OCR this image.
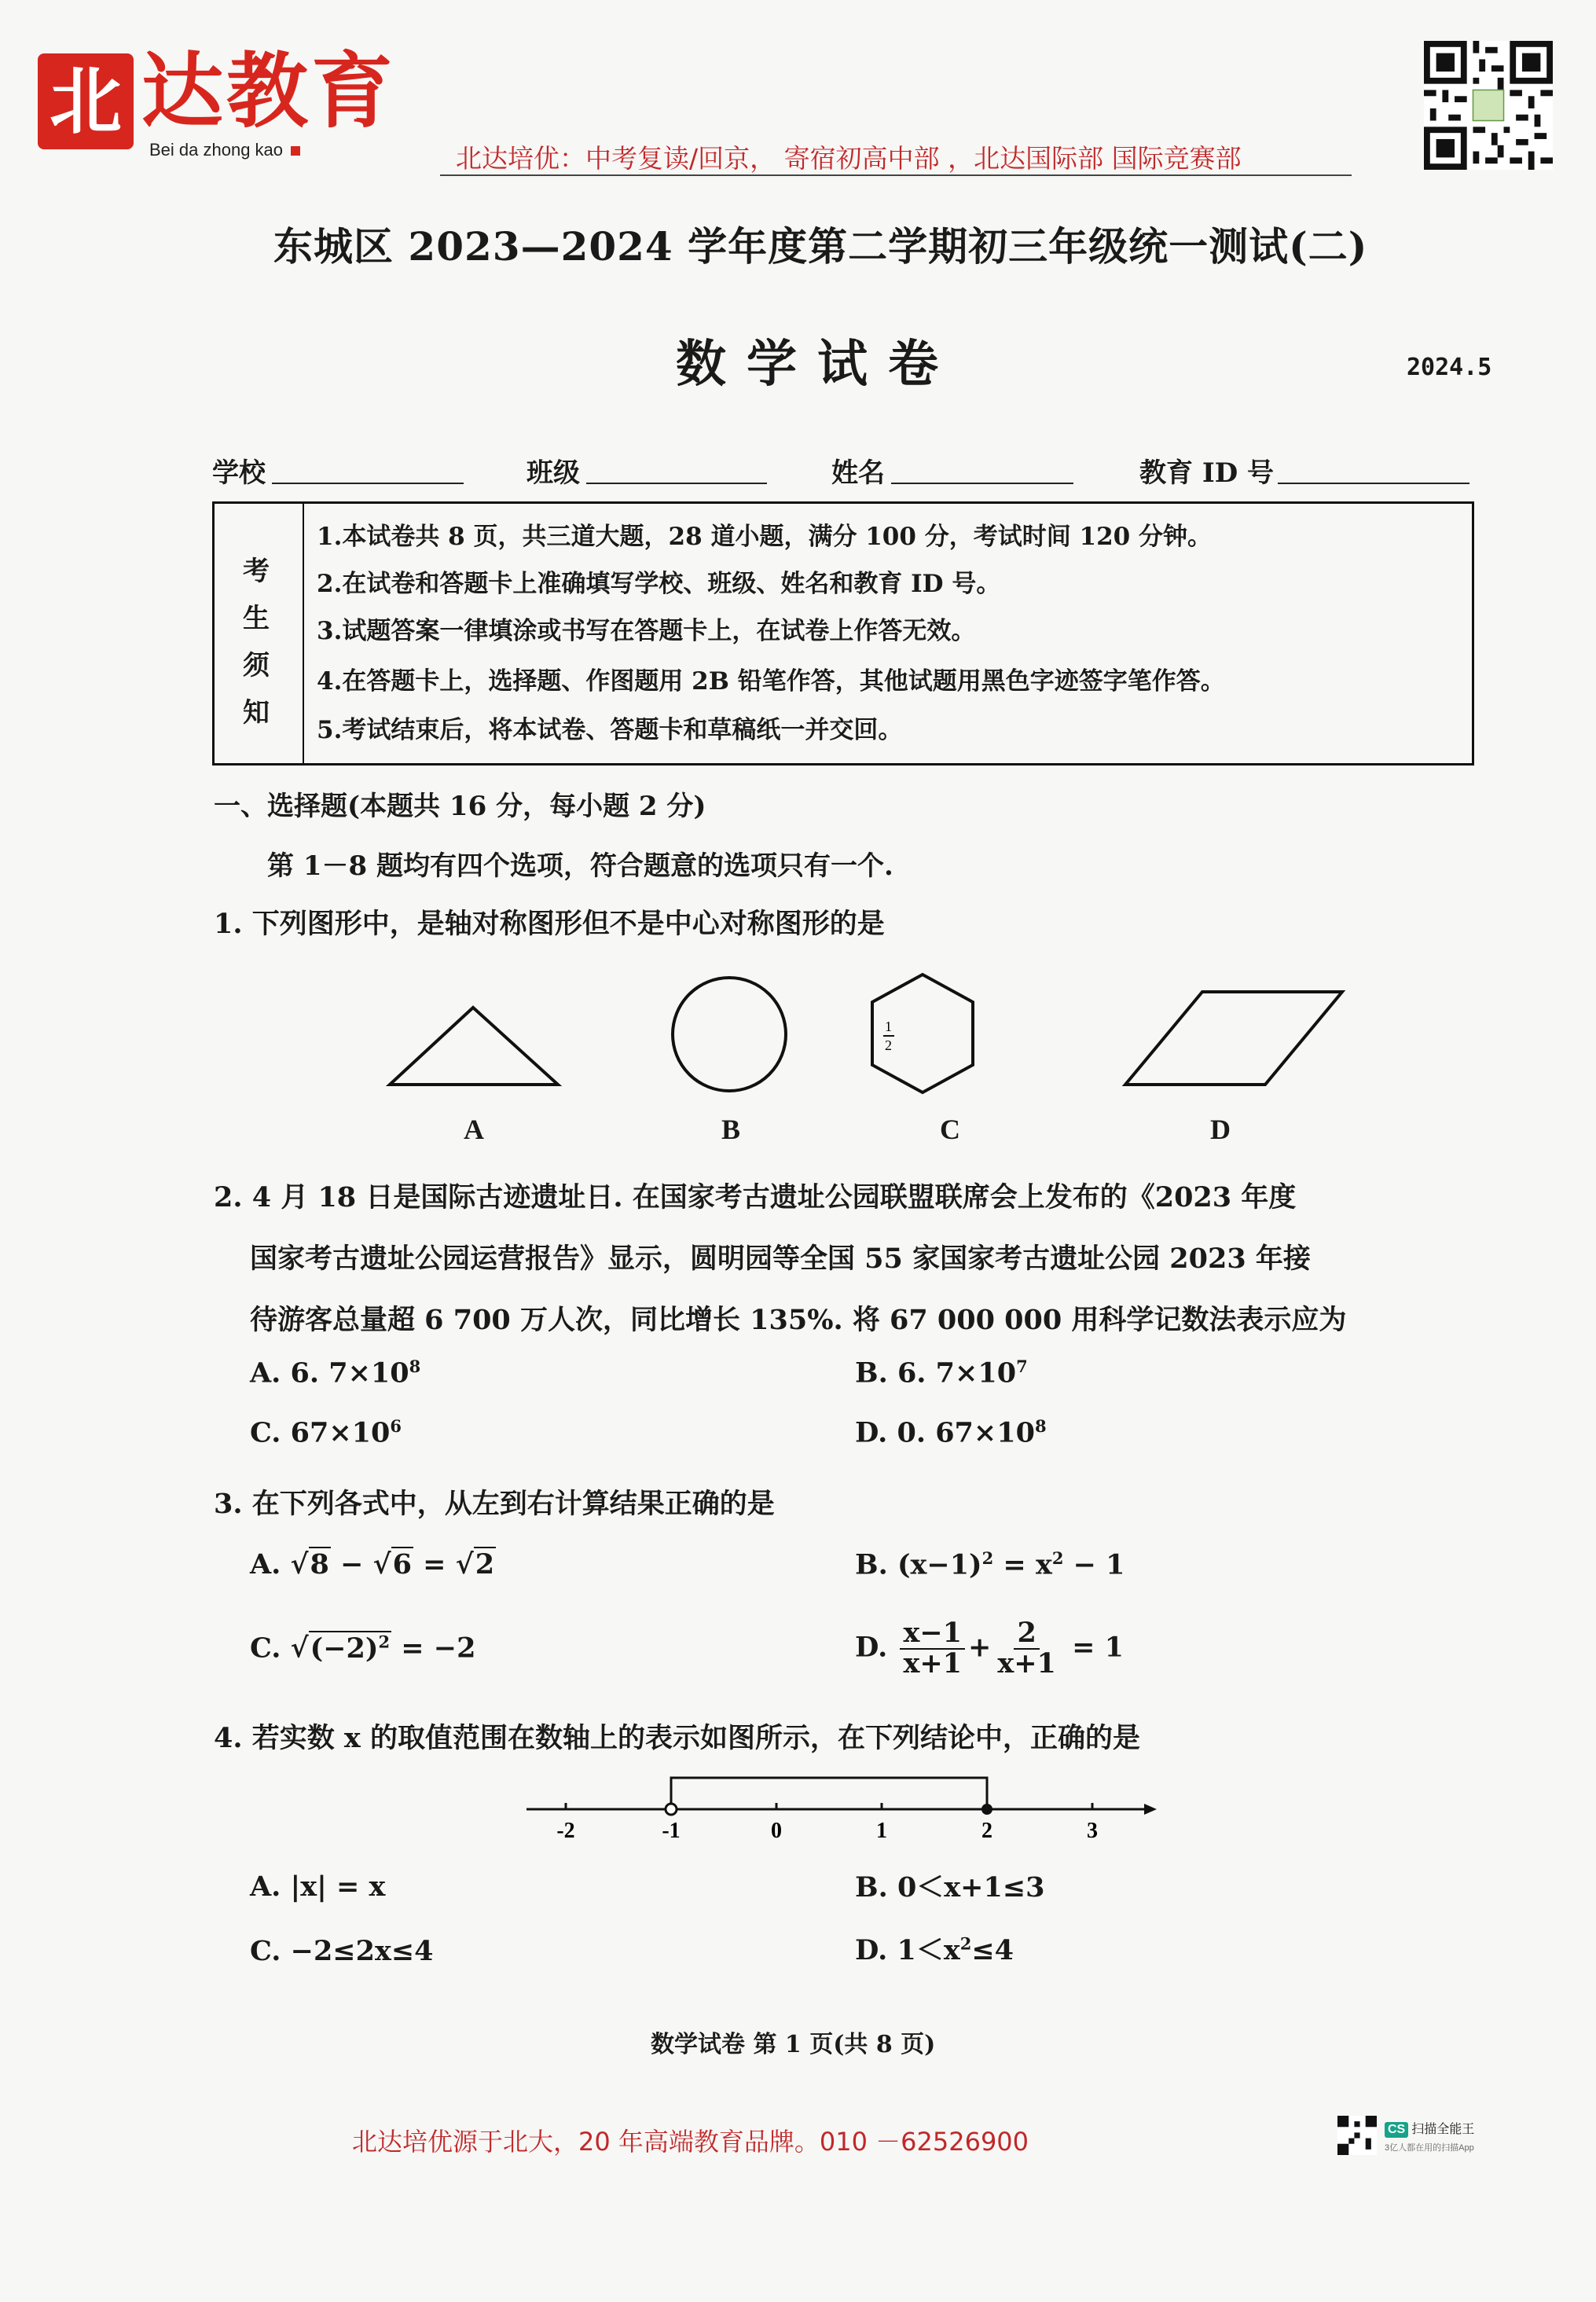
北 达教育
Bei da zhong kao	北达培优：中考复读/回京， 寄宿初高中部 ，北达国际部 国际竞赛部
东城区 2023—2024 学年度第二学期初三年级统一测试(二)
数学试卷	2024.5
学校	班级	姓名	教育 ID 号
考
生
须
知
1.本试卷共 8 页，共三道大题，28 道小题，满分 100 分，考试时间 120 分钟。
2.在试卷和答题卡上准确填写学校、班级、姓名和教育 ID 号。
3.试题答案一律填涂或书写在答题卡上，在试卷上作答无效。
4.在答题卡上，选择题、作图题用 2B 铅笔作答，其他试题用黑色字迹签字笔作答。
5.考试结束后，将本试卷、答题卡和草稿纸一并交回。
一、选择题(本题共 16 分，每小题 2 分)
第 1－8 题均有四个选项，符合题意的选项只有一个.
1. 下列图形中，是轴对称图形但不是中心对称图形的是
1
2
A	B	C	D
2. 4 月 18 日是国际古迹遗址日. 在国家考古遗址公园联盟联席会上发布的《2023 年度
国家考古遗址公园运营报告》显示，圆明园等全国 55 家国家考古遗址公园 2023 年接
待游客总量超 6 700 万人次，同比增长 135%. 将 67 000 000 用科学记数法表示应为
A. 6. $7\times 10^8$	B. 6. $7\times 10^7$
C. $67\times 10^6$	D. 0. $67\times 10^8$
3. 在下列各式中，从左到右计算结果正确的是
A. √8 − √6 = √2	B. $(x-1)^2 = x^2 - 1$
C. $√(-2)^2 = -2$	D. $\frac{x-1}{x+1} + \frac{2}{x+1} = 1$
4. 若实数 x 的取值范围在数轴上的表示如图所示，在下列结论中，正确的是
-2	-1	0	1	2	3
A. |x| = x	B. 0＜x+1≤3
C. −2≤2x≤4	D. $1<x^2\le 4$
数学试卷 第 1 页(共 8 页)
北达培优源于北大，20 年高端教育品牌。010 －62526900	CS 扫描全能王
3亿人都在用的扫描App
